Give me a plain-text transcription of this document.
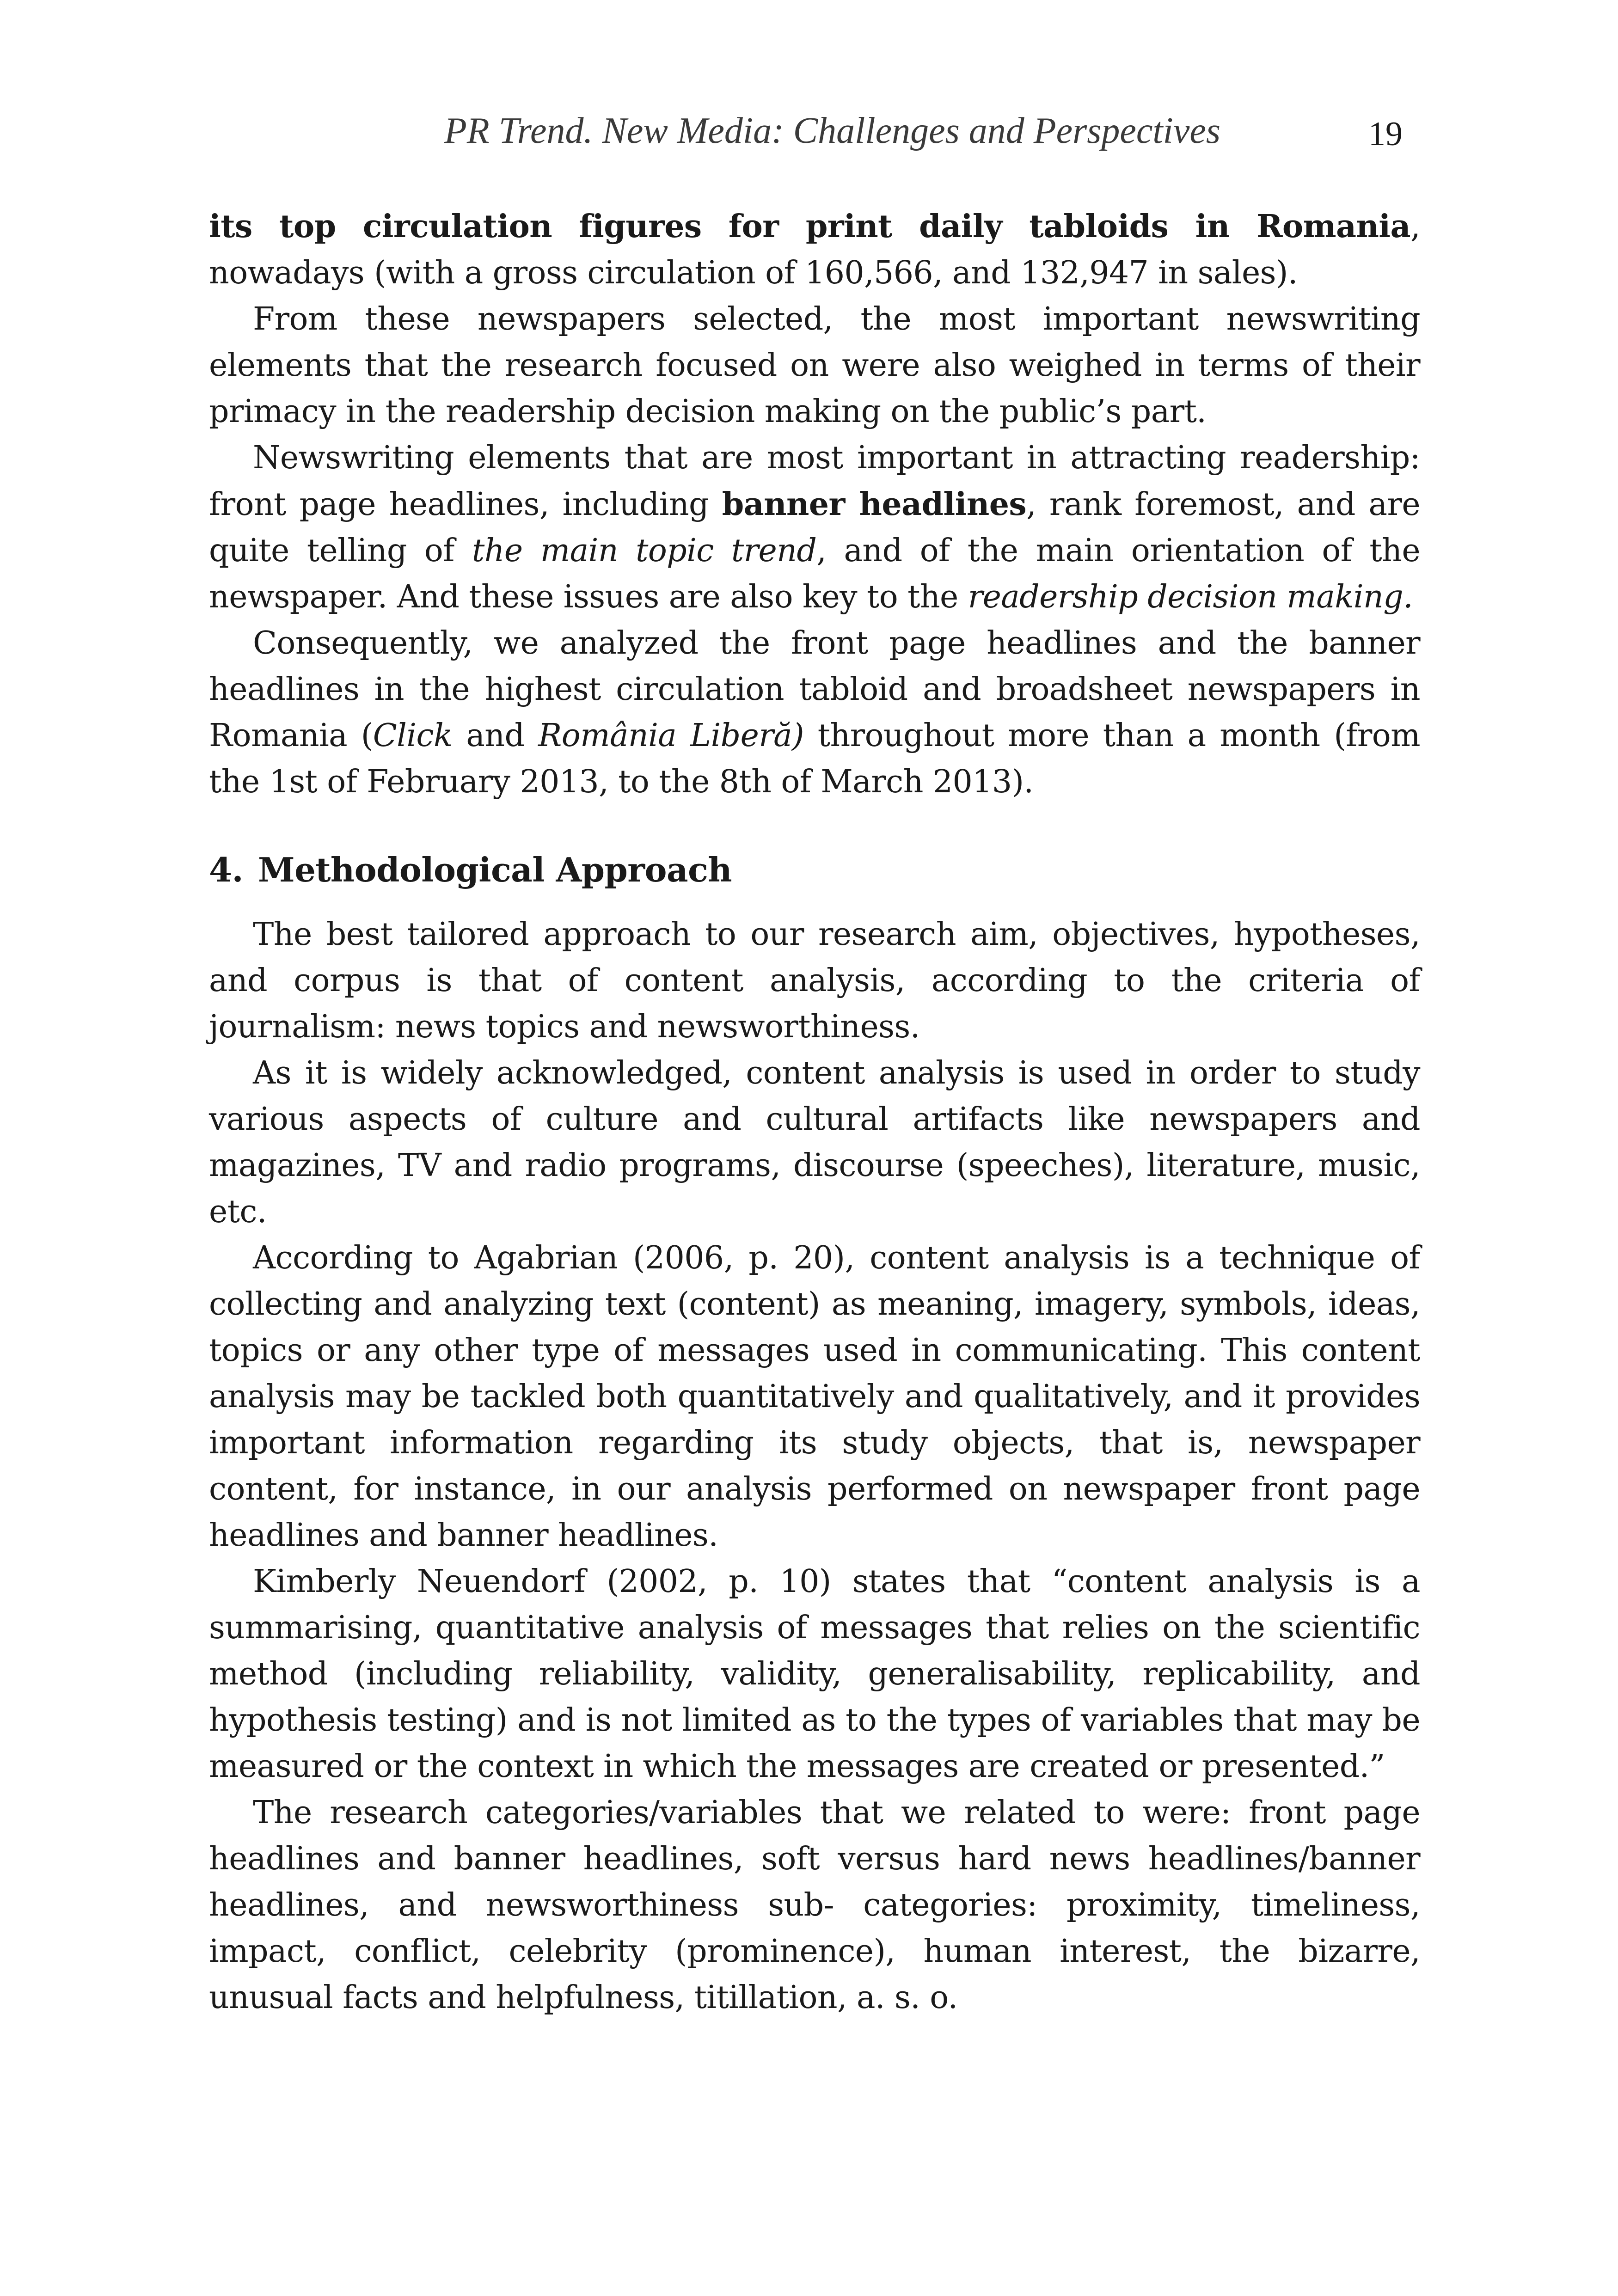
PR Trend. New Media: Challenges and Perspectives	19

its top circulation figures for print daily tabloids in Romania, nowadays (with a gross circulation of 160,566, and 132,947 in sales).

From these newspapers selected, the most important newswriting elements that the research focused on were also weighed in terms of their primacy in the readership decision making on the public’s part.

Newswriting elements that are most important in attracting readership: front page headlines, including banner headlines, rank foremost, and are quite telling of the main topic trend, and of the main orientation of the newspaper. And these issues are also key to the readership decision making.

Consequently, we analyzed the front page headlines and the banner headlines in the highest circulation tabloid and broadsheet newspapers in Romania (Click and România Liberă) throughout more than a month (from the 1st of February 2013, to the 8th of March 2013).

4. Methodological Approach

The best tailored approach to our research aim, objectives, hypotheses, and corpus is that of content analysis, according to the criteria of journalism: news topics and newsworthiness.

As it is widely acknowledged, content analysis is used in order to study various aspects of culture and cultural artifacts like newspapers and magazines, TV and radio programs, discourse (speeches), literature, music, etc.

According to Agabrian (2006, p. 20), content analysis is a technique of collecting and analyzing text (content) as meaning, imagery, symbols, ideas, topics or any other type of messages used in communicating. This content analysis may be tackled both quantitatively and qualitatively, and it provides important information regarding its study objects, that is, newspaper content, for instance, in our analysis performed on newspaper front page headlines and banner headlines.

Kimberly Neuendorf (2002, p. 10) states that “content analysis is a summarising, quantitative analysis of messages that relies on the scientific method (including reliability, validity, generalisability, replicability, and hypothesis testing) and is not limited as to the types of variables that may be measured or the context in which the messages are created or presented.”

The research categories/variables that we related to were: front page headlines and banner headlines, soft versus hard news headlines/banner headlines, and newsworthiness sub- categories: proximity, timeliness, impact, conflict, celebrity (prominence), human interest, the bizarre, unusual facts and helpfulness, titillation, a. s. o.
